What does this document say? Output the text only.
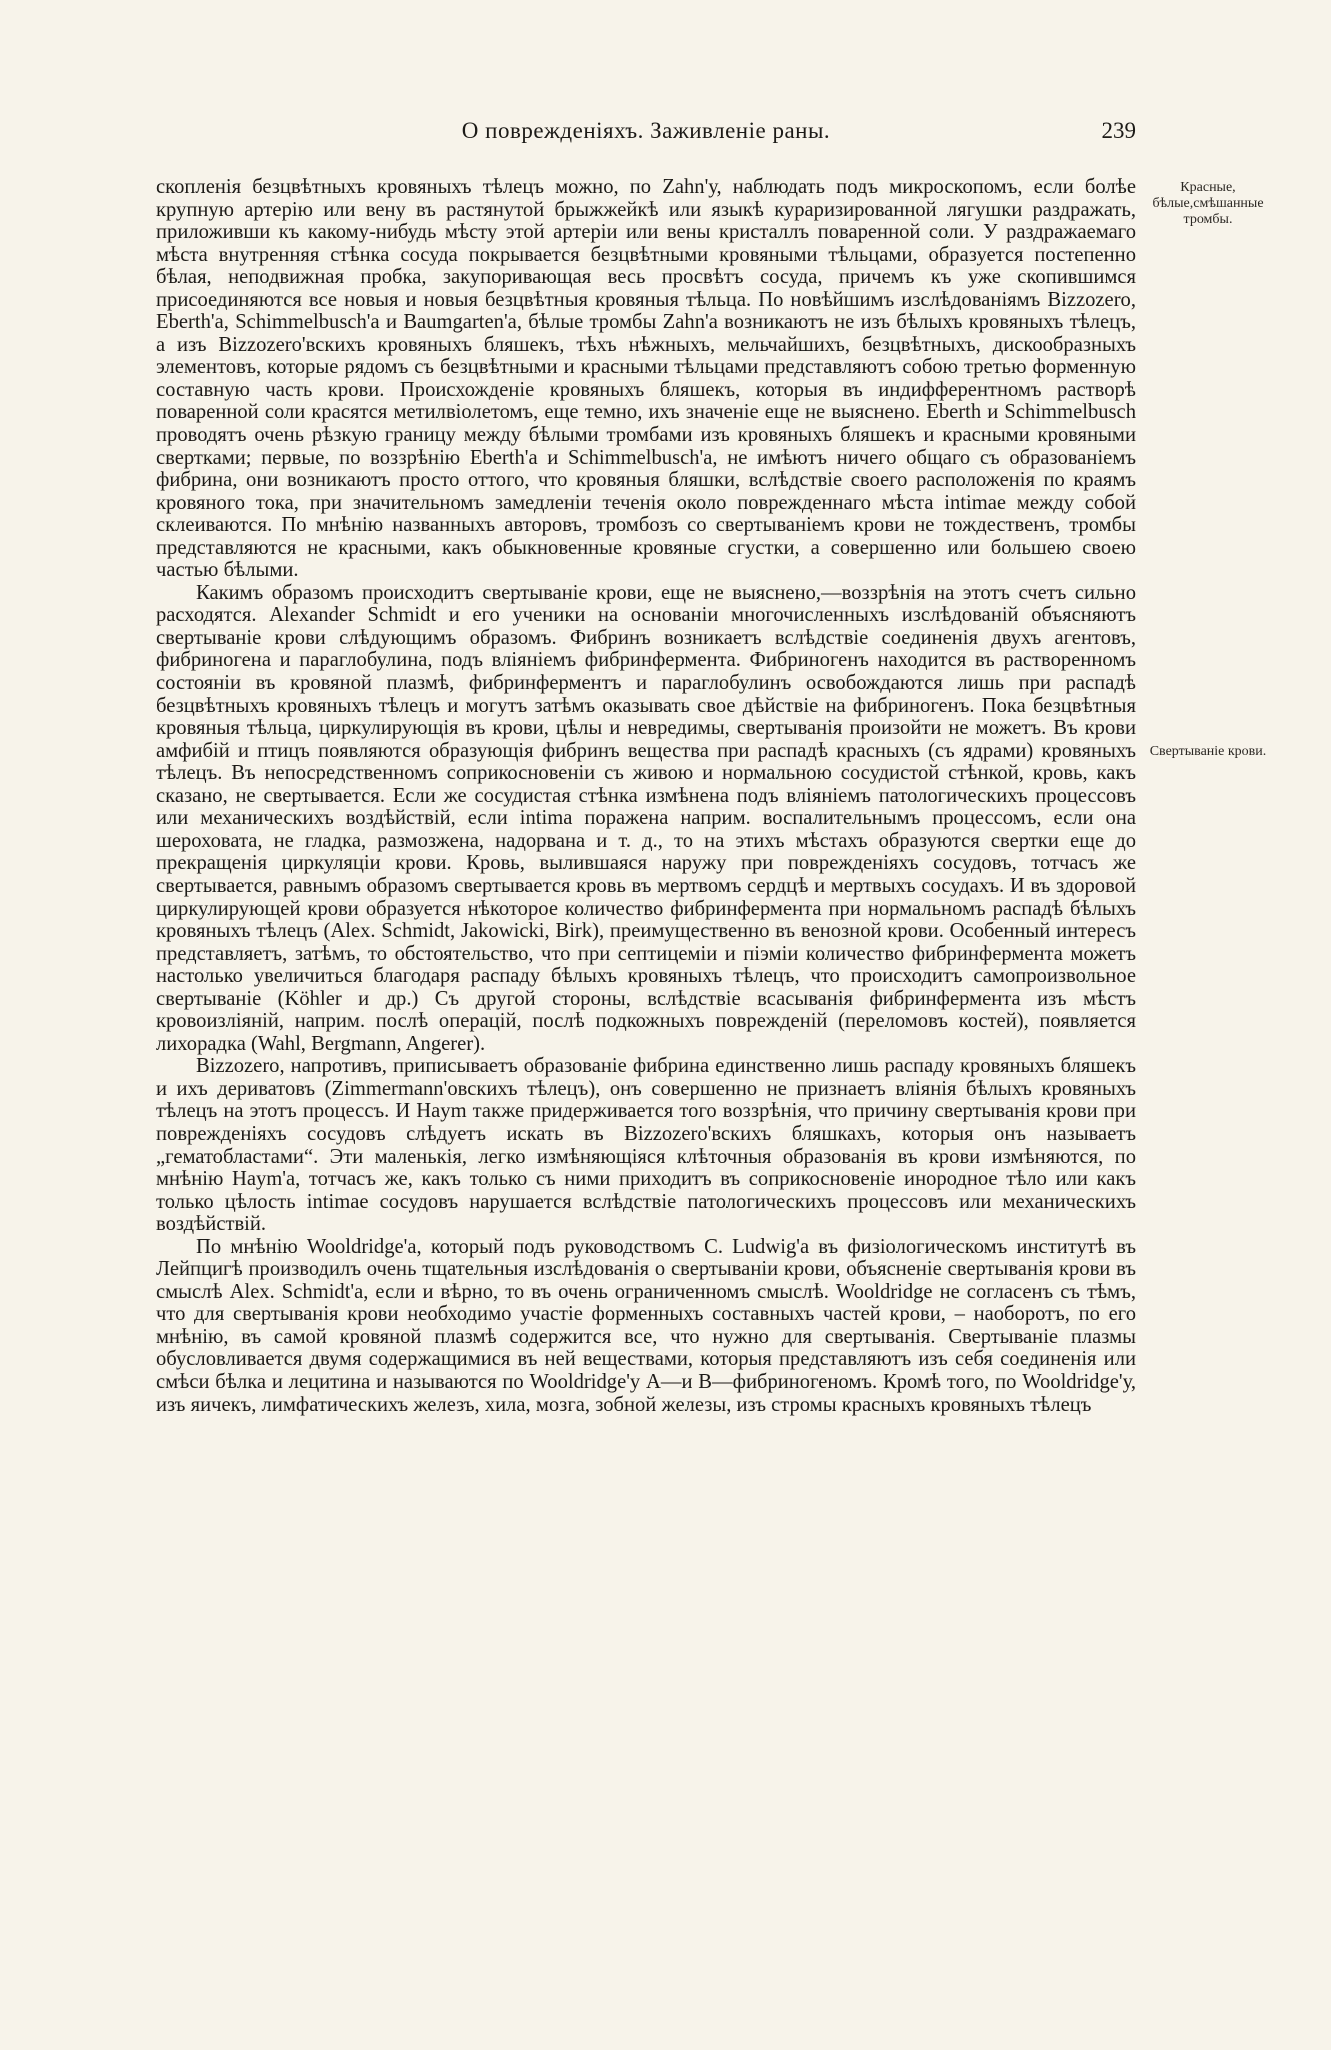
О поврежденіяхъ. Заживленіе раны.	239
Красные, бѣлые,смѣшанные тромбы.
Свертываніе крови.

скопленія безцвѣтныхъ кровяныхъ тѣлецъ можно, по Zahn'у, наблюдать подъ микроскопомъ, если болѣе крупную артерію или вену въ растянутой брыжжейкѣ или языкѣ кураризированной лягушки раздражать, приложивши къ какому-нибудь мѣсту этой артеріи или вены кристаллъ поваренной соли. У раздражаемаго мѣста внутренняя стѣнка сосуда покрывается безцвѣтными кровяными тѣльцами, образуется постепенно бѣлая, неподвижная пробка, закупоривающая весь просвѣтъ сосуда, причемъ къ уже скопившимся присоединяются все новыя и новыя безцвѣтныя кровяныя тѣльца. По новѣйшимъ изслѣдованіямъ Bizzozero, Eberth'а, Schimmelbusch'а и Baumgarten'а, бѣлые тромбы Zahn'а возникаютъ не изъ бѣлыхъ кровяныхъ тѣлецъ, а изъ Bizzozero'вскихъ кровяныхъ бляшекъ, тѣхъ нѣжныхъ, мельчайшихъ, безцвѣтныхъ, дискообразныхъ элементовъ, которые рядомъ съ безцвѣтными и красными тѣльцами представляютъ собою третью форменную составную часть крови. Происхожденіе кровяныхъ бляшекъ, которыя въ индифферентномъ растворѣ поваренной соли красятся метилвіолетомъ, еще темно, ихъ значеніе еще не выяснено. Eberth и Schimmelbusch проводятъ очень рѣзкую границу между бѣлыми тромбами изъ кровяныхъ бляшекъ и красными кровяными свертками; первые, по воззрѣнію Eberth'а и Schimmelbusch'а, не имѣютъ ничего общаго съ образованіемъ фибрина, они возникаютъ просто оттого, что кровяныя бляшки, вслѣдствіе своего расположенія по краямъ кровяного тока, при значительномъ замедленіи теченія около поврежденнаго мѣста intimae между собой склеиваются. По мнѣнію названныхъ авторовъ, тромбозъ со свертываніемъ крови не тождественъ, тромбы представляются не красными, какъ обыкновенные кровяные сгустки, а совершенно или большею своею частью бѣлыми.

Какимъ образомъ происходитъ свертываніе крови, еще не выяснено,—воззрѣнія на этотъ счетъ сильно расходятся. Alexander Schmidt и его ученики на основаніи многочисленныхъ изслѣдованій объясняютъ свертываніе крови слѣдующимъ образомъ. Фибринъ возникаетъ вслѣдствіе соединенія двухъ агентовъ, фибриногена и параглобулина, подъ вліяніемъ фибринферментa. Фибриногенъ находится въ растворенномъ состояніи въ кровяной плазмѣ, фибринферментъ и параглобулинъ освобождаются лишь при распадѣ безцвѣтныхъ кровяныхъ тѣлецъ и могутъ затѣмъ оказывать свое дѣйствіе на фибриногенъ. Пока безцвѣтныя кровяныя тѣльца, циркулирующія въ крови, цѣлы и невредимы, свертыванія произойти не можетъ. Въ крови амфибій и птицъ появляются образующія фибринъ вещества при распадѣ красныхъ (съ ядрами) кровяныхъ тѣлецъ. Въ непосредственномъ соприкосновеніи съ живою и нормальною сосудистой стѣнкой, кровь, какъ сказано, не свертывается. Если же сосудистая стѣнка измѣнена подъ вліяніемъ патологическихъ процессовъ или механическихъ воздѣйствій, если intima поражена наприм. воспалительнымъ процессомъ, если она шероховата, не гладка, размозжена, надорвана и т. д., то на этихъ мѣстахъ образуются свертки еще до прекращенія циркуляціи крови. Кровь, вылившаяся наружу при поврежденіяхъ сосудовъ, тотчасъ же свертывается, равнымъ образомъ свертывается кровь въ мертвомъ сердцѣ и мертвыхъ сосудахъ. И въ здоровой циркулирующей крови образуется нѣкоторое количество фибринфермента при нормальномъ распадѣ бѣлыхъ кровяныхъ тѣлецъ (Alex. Schmidt, Jakowicki, Birk), преимущественно въ венозной крови. Особенный интересъ представляетъ, затѣмъ, то обстоятельство, что при септицеміи и піэміи количество фибринфермента можетъ настолько увеличиться благодаря распаду бѣлыхъ кровяныхъ тѣлецъ, что происходитъ самопроизвольное свертываніе (Köhler и др.) Съ другой стороны, вслѣдствіе всасыванія фибринфермента изъ мѣстъ кровоизліяній, наприм. послѣ операцій, послѣ подкожныхъ поврежденій (переломовъ костей), появляется лихорадка (Wahl, Bergmann, Angerer).

Bizzozero, напротивъ, приписываетъ образованіе фибрина единственно лишь распаду кровяныхъ бляшекъ и ихъ дериватовъ (Zimmermann'овскихъ тѣлецъ), онъ совершенно не признаетъ вліянія бѣлыхъ кровяныхъ тѣлецъ на этотъ процессъ. И Haym также придерживается того воззрѣнія, что причину свертыванія крови при поврежденіяхъ сосудовъ слѣдуетъ искать въ Bizzozero'вскихъ бляшкахъ, которыя онъ называетъ „гематобластами“. Эти маленькія, легко измѣняющіяся клѣточныя образованія въ крови измѣняются, по мнѣнію Haym'а, тотчасъ же, какъ только съ ними приходитъ въ соприкосновеніе инородное тѣло или какъ только цѣлость intimae сосудовъ нарушается вслѣдствіе патологическихъ процессовъ или механическихъ воздѣйствій.

По мнѣнію Wooldridge'а, который подъ руководствомъ C. Ludwig'а въ физіологическомъ институтѣ въ Лейпцигѣ производилъ очень тщательныя изслѣдованія о свертываніи крови, объясненіе свертыванія крови въ смыслѣ Alex. Schmidt'а, если и вѣрно, то въ очень ограниченномъ смыслѣ. Wooldridge не согласенъ съ тѣмъ, что для свертыванія крови необходимо участіе форменныхъ составныхъ частей крови, – наоборотъ, по его мнѣнію, въ самой кровяной плазмѣ содержится все, что нужно для свертыванія. Свертываніе плазмы обусловливается двумя содержащимися въ ней веществами, которыя представляютъ изъ себя соединенія или смѣси бѣлка и лецитина и называются по Wooldridge'у А—и В—фибриногеномъ. Кромѣ того, по Wooldridge'у, изъ яичекъ, лимфатическихъ железъ, хила, мозга, зобной железы, изъ стромы красныхъ кровяныхъ тѣлецъ
